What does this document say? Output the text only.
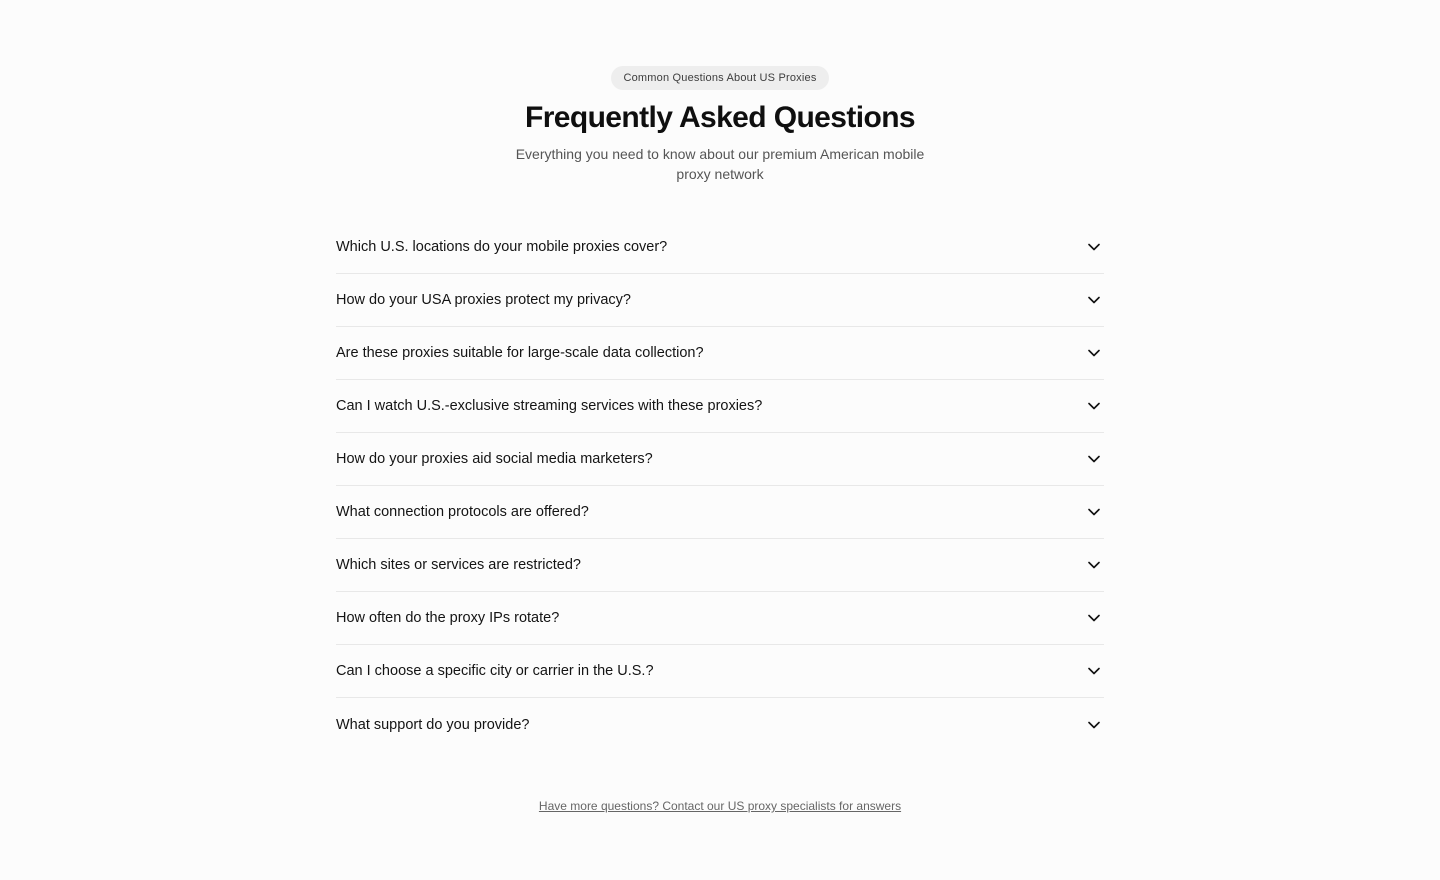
Common Questions About US Proxies
Frequently Asked Questions

Everything you need to know about our premium American mobile proxy network

Which U.S. locations do your mobile proxies cover?
How do your USA proxies protect my privacy?
Are these proxies suitable for large-scale data collection?
Can I watch U.S.-exclusive streaming services with these proxies?
How do your proxies aid social media marketers?
What connection protocols are offered?
Which sites or services are restricted?
How often do the proxy IPs rotate?
Can I choose a specific city or carrier in the U.S.?
What support do you provide?
Have more questions? Contact our US proxy specialists for answers
